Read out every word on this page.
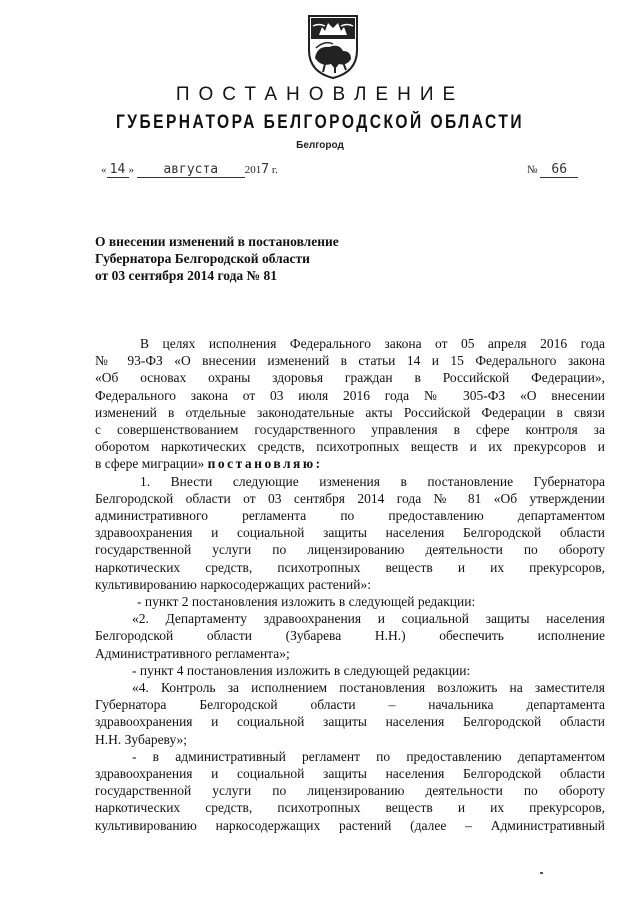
ПОСТАНОВЛЕНИЕ
ГУБЕРНАТОРА БЕЛГОРОДСКОЙ ОБЛАСТИ
Белгород
« 14 » августа 2017 г.	№ 66
О внесении изменений в постановление
Губернатора Белгородской области
от 03 сентября 2014 года № 81

В целях исполнения Федерального закона от 05 апреля 2016 года

№ 93-ФЗ «О внесении изменений в статьи 14 и 15 Федерального закона

«Об основах охраны здоровья граждан в Российской Федерации»,

Федерального закона от 03 июля 2016 года № 305-ФЗ «О внесении

изменений в отдельные законодательные акты Российской Федерации в связи

с совершенствованием государственного управления в сфере контроля за

оборотом наркотических средств, психотропных веществ и их прекурсоров и

в сфере миграции» постановляю:

1. Внести следующие изменения в постановление Губернатора

Белгородской области от 03 сентября 2014 года № 81 «Об утверждении

административного регламента по предоставлению департаментом

здравоохранения и социальной защиты населения Белгородской области

государственной услуги по лицензированию деятельности по обороту

наркотических средств, психотропных веществ и их прекурсоров,

культивированию наркосодержащих растений»:

- пункт 2 постановления изложить в следующей редакции:

«2. Департаменту здравоохранения и социальной защиты населения

Белгородской области (Зубарева Н.Н.) обеспечить исполнение

Административного регламента»;

- пункт 4 постановления изложить в следующей редакции:

«4. Контроль за исполнением постановления возложить на заместителя

Губернатора Белгородской области – начальника департамента

здравоохранения и социальной защиты населения Белгородской области

Н.Н. Зубареву»;

- в административный регламент по предоставлению департаментом

здравоохранения и социальной защиты населения Белгородской области

государственной услуги по лицензированию деятельности по обороту

наркотических средств, психотропных веществ и их прекурсоров,

культивированию наркосодержащих растений (далее – Административный
